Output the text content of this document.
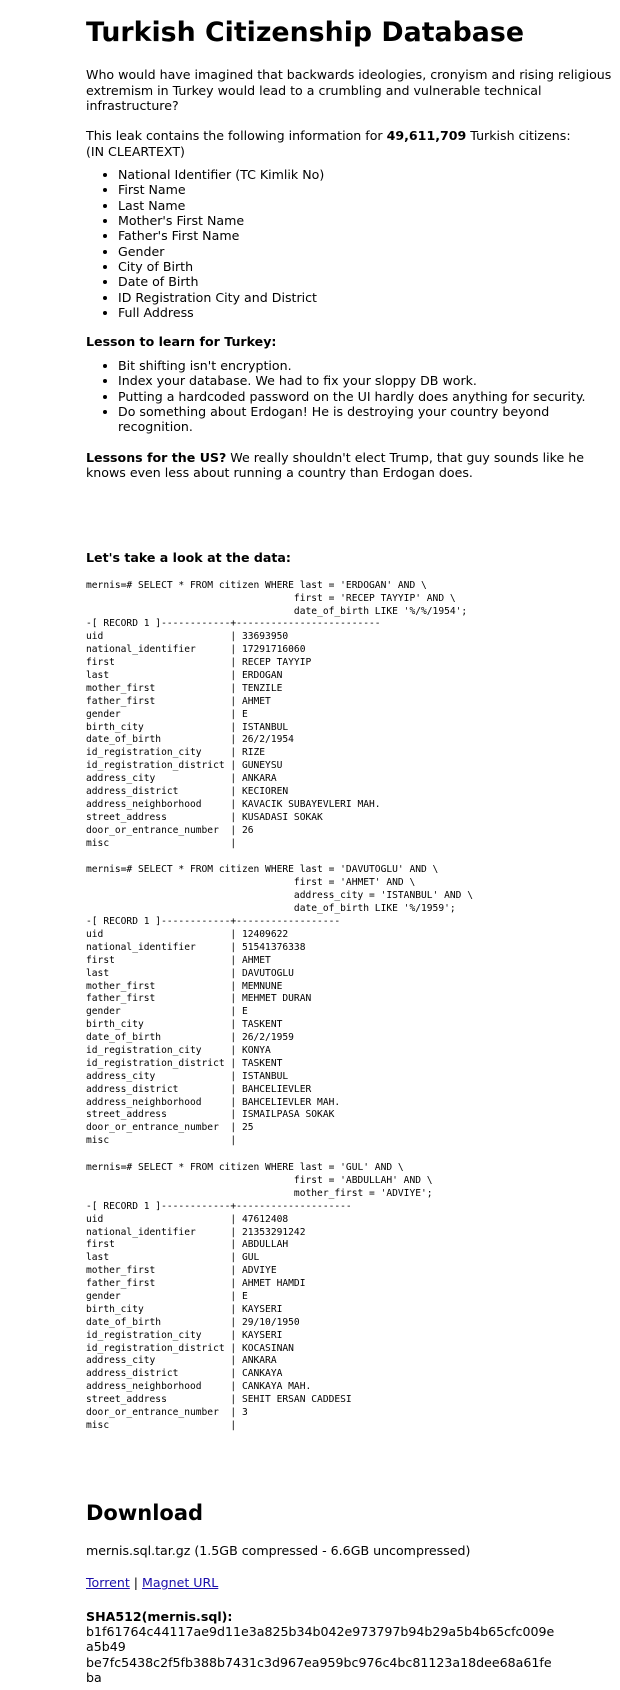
Turkish Citizenship Database

Who would have imagined that backwards ideologies, cronyism and rising religious extremism in Turkey would lead to a crumbling and vulnerable technical infrastructure?

This leak contains the following information for 49,611,709 Turkish citizens:
(IN CLEARTEXT)

• National Identifier (TC Kimlik No)
• First Name
• Last Name
• Mother's First Name
• Father's First Name
• Gender
• City of Birth
• Date of Birth
• ID Registration City and District
• Full Address

Lesson to learn for Turkey:

• Bit shifting isn't encryption.
• Index your database. We had to fix your sloppy DB work.
• Putting a hardcoded password on the UI hardly does anything for security.
• Do something about Erdogan! He is destroying your country beyond recognition.

Lessons for the US? We really shouldn't elect Trump, that guy sounds like he knows even less about running a country than Erdogan does.

Let's take a look at the data:

mernis=# SELECT * FROM citizen WHERE last = 'ERDOGAN' AND \
first = 'RECEP TAYYIP' AND \
date_of_birth LIKE '%/%/1954';
-[ RECORD 1 ]------------+-------------------------
uid                      | 33693950
national_identifier      | 17291716060
first                    | RECEP TAYYIP
last                     | ERDOGAN
mother_first             | TENZILE
father_first             | AHMET
gender                   | E
birth_city               | ISTANBUL
date_of_birth            | 26/2/1954
id_registration_city     | RIZE
id_registration_district | GUNEYSU
address_city             | ANKARA
address_district         | KECIOREN
address_neighborhood     | KAVACIK SUBAYEVLERI MAH.
street_address           | KUSADASI SOKAK
door_or_entrance_number  | 26
misc                     |
mernis=# SELECT * FROM citizen WHERE last = 'DAVUTOGLU' AND \
first = 'AHMET' AND \
address_city = 'ISTANBUL' AND \
date_of_birth LIKE '%/1959';
-[ RECORD 1 ]------------+------------------
uid                      | 12409622
national_identifier      | 51541376338
first                    | AHMET
last                     | DAVUTOGLU
mother_first             | MEMNUNE
father_first             | MEHMET DURAN
gender                   | E
birth_city               | TASKENT
date_of_birth            | 26/2/1959
id_registration_city     | KONYA
id_registration_district | TASKENT
address_city             | ISTANBUL
address_district         | BAHCELIEVLER
address_neighborhood     | BAHCELIEVLER MAH.
street_address           | ISMAILPASA SOKAK
door_or_entrance_number  | 25
misc                     |
mernis=# SELECT * FROM citizen WHERE last = 'GUL' AND \
first = 'ABDULLAH' AND \
mother_first = 'ADVIYE';
-[ RECORD 1 ]------------+--------------------
uid                      | 47612408
national_identifier      | 21353291242
first                    | ABDULLAH
last                     | GUL
mother_first             | ADVIYE
father_first             | AHMET HAMDI
gender                   | E
birth_city               | KAYSERI
date_of_birth            | 29/10/1950
id_registration_city     | KAYSERI
id_registration_district | KOCASINAN
address_city             | ANKARA
address_district         | CANKAYA
address_neighborhood     | CANKAYA MAH.
street_address           | SEHIT ERSAN CADDESI
door_or_entrance_number  | 3
misc                     |
Download

mernis.sql.tar.gz (1.5GB compressed - 6.6GB uncompressed)

Torrent | Magnet URL

SHA512(mernis.sql):

b1f61764c44117ae9d11e3a825b34b042e973797b94b29a5b4b65cfc009ea5b49
be7fc5438c2f5fb388b7431c3d967ea959bc976c4bc81123a18dee68a61feba
